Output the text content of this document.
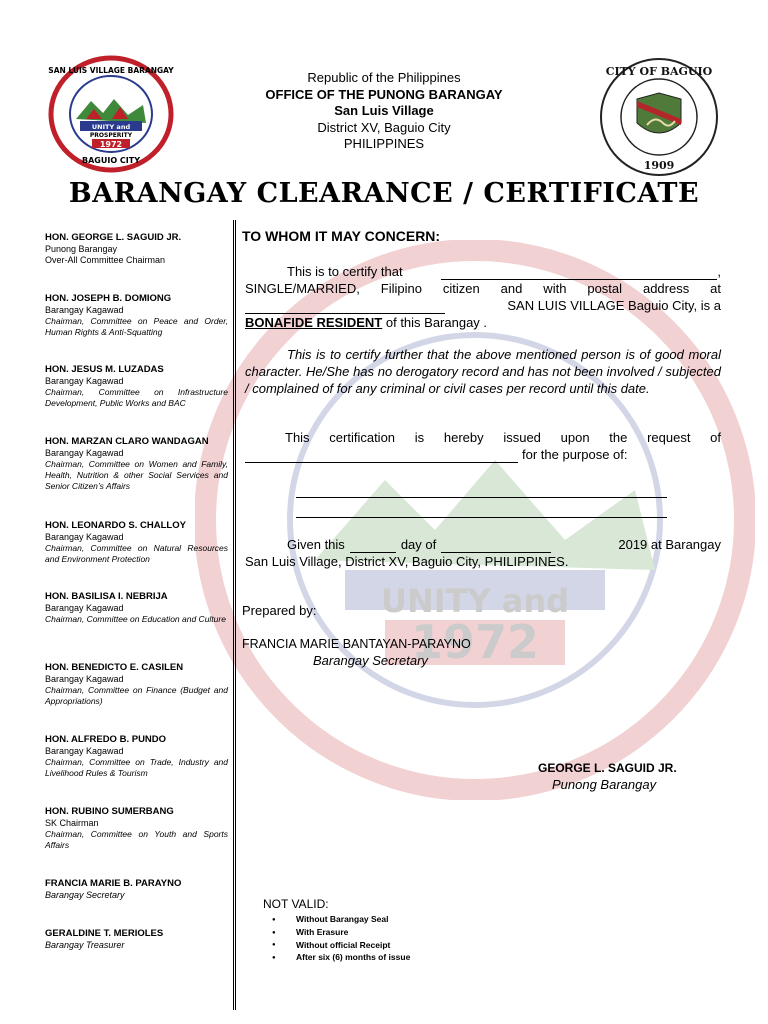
UNITY and
1972
UNITY and
PROSPERITY
1972
SAN LUIS VILLAGE BARANGAY
BAGUIO CITY
CITY OF BAGUIO
1909
Republic of the Philippines
OFFICE OF THE PUNONG BARANGAY
San Luis Village
District XV, Baguio City
PHILIPPINES
BARANGAY CLEARANCE / CERTIFICATE
HON. GEORGE L. SAGUID JR.
Punong Barangay
Over-All Committee Chairman
HON. JOSEPH B. DOMIONG
Barangay Kagawad
Chairman, Committee on Peace and Order, Human Rights & Anti-Squatting
HON. JESUS M. LUZADAS
Barangay Kagawad
Chairman, Committee on Infrastructure Development, Public Works and BAC
HON. MARZAN CLARO WANDAGAN
Barangay Kagawad
Chairman, Committee on Women and Family, Health, Nutrition & other Social Services and Senior Citizen’s Affairs
HON. LEONARDO S. CHALLOY
Barangay Kagawad
Chairman, Committee on Natural Resources and Environment Protection
HON. BASILISA I. NEBRIJA
Barangay Kagawad
Chairman, Committee on Education and Culture
HON. BENEDICTO E. CASILEN
Barangay Kagawad
Chairman, Committee on Finance (Budget and Appropriations)
HON. ALFREDO B. PUNDO
Barangay Kagawad
Chairman, Committee on Trade, Industry and Livelihood Rules & Tourism
HON. RUBINO SUMERBANG
SK Chairman
Chairman, Committee on Youth and Sports Affairs
FRANCIA MARIE B. PARAYNO
Barangay Secretary
GERALDINE T. MERIOLES
Barangay Treasurer
TO WHOM IT MAY CONCERN:
This is to certify that	,
SINGLE/MARRIED, Filipino citizen and with postal address at
SAN LUIS VILLAGE Baguio City, is a
BONAFIDE RESIDENT of this Barangay .
This is to certify further that the above mentioned person is of good moral character. He/She has no derogatory record and has not been involved / subjected / complained of for any criminal or civil cases per record until this date.
This certification is hereby issued upon the request of
for the purpose of:
Given this	day of	2019 at Barangay
San Luis Village, District XV, Baguio City, PHILIPPINES.
Prepared by:
FRANCIA MARIE BANTAYAN-PARAYNO
Barangay Secretary
GEORGE L. SAGUID JR.
Punong Barangay
NOT VALID:
● Without Barangay Seal
● With Erasure
● Without official Receipt
● After six (6) months of issue
